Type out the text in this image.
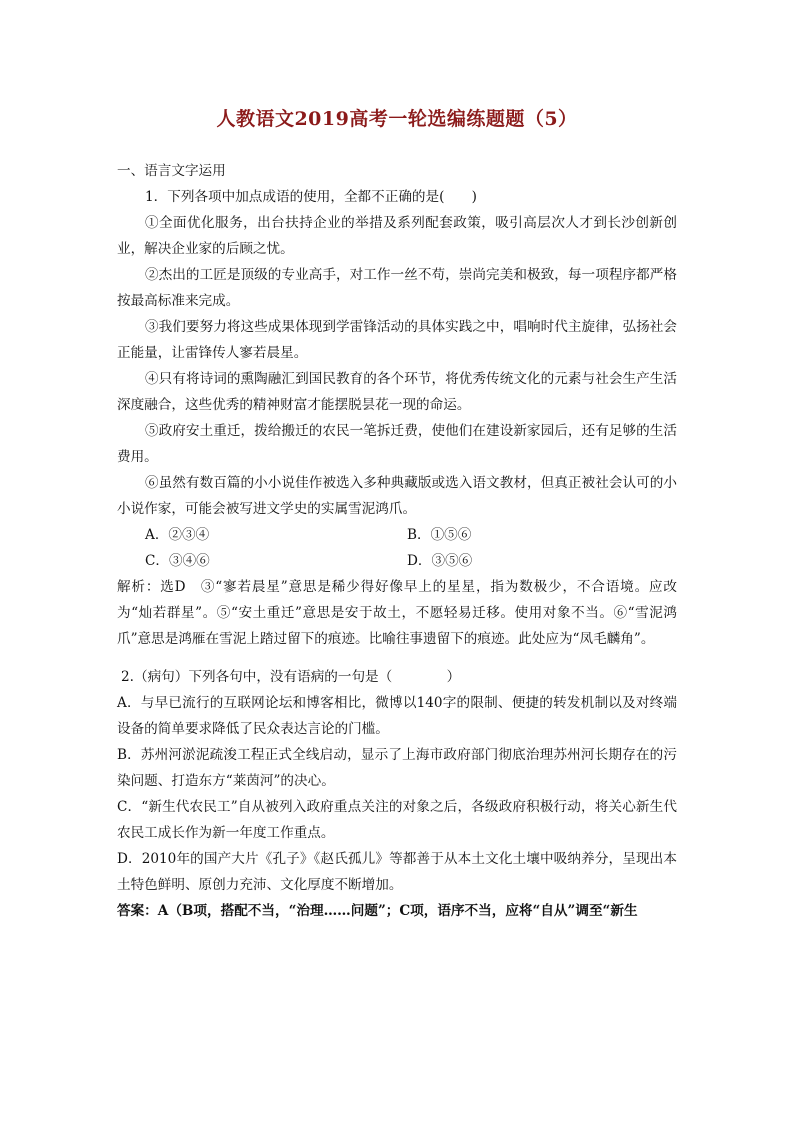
人教语文2019高考一轮选编练题题（5）

一、语言文字运用

1．下列各项中加点成语的使用，全都不正确的是(　　)

①全面优化服务，出台扶持企业的举措及系列配套政策，吸引高层次人才到长沙创新创业，解决企业家的后顾之忧。

②杰出的工匠是顶级的专业高手，对工作一丝不苟，崇尚完美和极致，每一项程序都严格按最高标准来完成。

③我们要努力将这些成果体现到学雷锋活动的具体实践之中，唱响时代主旋律，弘扬社会正能量，让雷锋传人寥若晨星。

④只有将诗词的熏陶融汇到国民教育的各个环节，将优秀传统文化的元素与社会生产生活深度融合，这些优秀的精神财富才能摆脱昙花一现的命运。

⑤政府安土重迁，拨给搬迁的农民一笔拆迁费，使他们在建设新家园后，还有足够的生活费用。

⑥虽然有数百篇的小小说佳作被选入多种典藏版或选入语文教材，但真正被社会认可的小小说作家，可能会被写进文学史的实属雪泥鸿爪。

A．②③④	B．①⑤⑥
C．③④⑥	D．③⑤⑥

解析：选D　③“寥若晨星”意思是稀少得好像早上的星星，指为数极少，不合语境。应改为“灿若群星”。⑤“安土重迁”意思是安于故土，不愿轻易迁移。使用对象不当。⑥“雪泥鸿爪”意思是鸿雁在雪泥上踏过留下的痕迹。比喻往事遗留下的痕迹。此处应为“凤毛麟角”。

2.（病句）下列各句中，没有语病的一句是（　　　　）

A．与早已流行的互联网论坛和博客相比，微博以140字的限制、便捷的转发机制以及对终端设备的简单要求降低了民众表达言论的门槛。

B．苏州河淤泥疏浚工程正式全线启动，显示了上海市政府部门彻底治理苏州河长期存在的污染问题、打造东方“莱茵河”的决心。

C．“新生代农民工”自从被列入政府重点关注的对象之后，各级政府积极行动，将关心新生代农民工成长作为新一年度工作重点。

D．2010年的国产大片《孔子》《赵氏孤儿》等都善于从本土文化土壤中吸纳养分，呈现出本土特色鲜明、原创力充沛、文化厚度不断增加。

答案：A（B项，搭配不当，“治理……问题”；C项，语序不当，应将“自从”调至“新生
